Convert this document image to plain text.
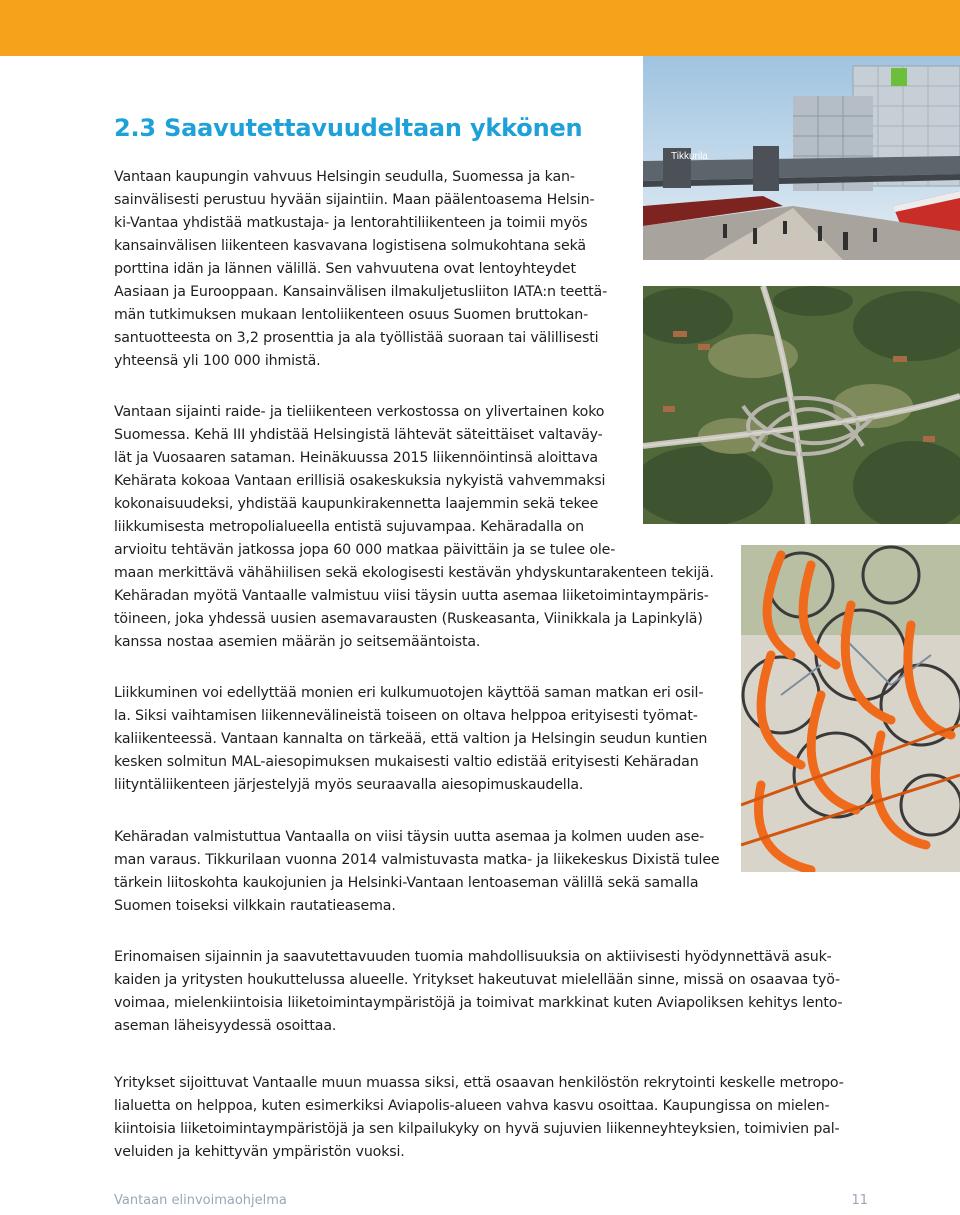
2.3 Saavutettavuudeltaan ykkönen
Vantaan kaupungin vahvuus Helsingin seudulla, Suomessa ja kan-
sainvälisesti perustuu hyvään sijaintiin. Maan päälentoasema Helsin-
ki-Vantaa yhdistää matkustaja- ja lentorahtiliikenteen ja toimii myös
kansainvälisen liikenteen kasvavana logistisena solmukohtana sekä
porttina idän ja lännen välillä. Sen vahvuutena ovat lentoyhteydet
Aasiaan ja Eurooppaan. Kansainvälisen ilmakuljetusliiton IATA:n teettä-
män tutkimuksen mukaan lentoliikenteen osuus Suomen bruttokan-
santuotteesta on 3,2 prosenttia ja ala työllistää suoraan tai välillisesti
yhteensä yli 100 000 ihmistä.
Vantaan sijainti raide- ja tieliikenteen verkostossa on ylivertainen koko
Suomessa. Kehä III yhdistää Helsingistä lähtevät säteittäiset valtaväy-
lät ja Vuosaaren sataman. Heinäkuussa 2015 liikennöintinsä aloittava
Kehärata kokoaa Vantaan erillisiä osakeskuksia nykyistä vahvemmaksi
kokonaisuudeksi, yhdistää kaupunkirakennetta laajemmin sekä tekee
liikkumisesta metropolialueella entistä sujuvampaa. Kehäradalla on
arvioitu tehtävän jatkossa jopa 60 000 matkaa päivittäin ja se tulee ole-
maan merkittävä vähähiilisen sekä ekologisesti kestävän yhdyskuntarakenteen tekijä.
Kehäradan myötä Vantaalle valmistuu viisi täysin uutta asemaa liiketoimintaympäris-
töineen, joka yhdessä uusien asemavarausten (Ruskeasanta, Viinikkala ja Lapinkylä)
kanssa nostaa asemien määrän jo seitsemääntoista.
Liikkuminen voi edellyttää monien eri kulkumuotojen käyttöä saman matkan eri osil-
la. Siksi vaihtamisen liikennevälineistä toiseen on oltava helppoa erityisesti työmat-
kaliikenteessä. Vantaan kannalta on tärkeää, että valtion ja Helsingin seudun kuntien
kesken solmitun MAL-aiesopimuksen mukaisesti valtio edistää erityisesti Kehäradan
liityntäliikenteen järjestelyjä myös seuraavalla aiesopimuskaudella.
Kehäradan valmistuttua Vantaalla on viisi täysin uutta asemaa ja kolmen uuden ase-
man varaus. Tikkurilaan vuonna 2014 valmistuvasta matka- ja liikekeskus Dixistä tulee
tärkein liitoskohta kaukojunien ja Helsinki-Vantaan lentoaseman välillä sekä samalla
Suomen toiseksi vilkkain rautatieasema.
Erinomaisen sijainnin ja saavutettavuuden tuomia mahdollisuuksia on aktiivisesti hyödynnettävä asuk-
kaiden ja yritysten houkuttelussa alueelle. Yritykset hakeutuvat mielellään sinne, missä on osaavaa työ-
voimaa, mielenkiintoisia liiketoimintaympäristöjä ja toimivat markkinat kuten Aviapoliksen kehitys lento-
aseman läheisyydessä osoittaa.
Yritykset sijoittuvat Vantaalle muun muassa siksi, että osaavan henkilöstön rekrytointi keskelle metropo-
lialuetta on helppoa, kuten esimerkiksi Aviapolis-alueen vahva kasvu osoittaa. Kaupungissa on mielen-
kiintoisia liiketoimintaympäristöjä ja sen kilpailukyky on hyvä sujuvien liikenneyhteyksien, toimivien pal-
veluiden ja kehittyvän ympäristön vuoksi.
Tikkurila
Vantaan elinvoimaohjelma	11
